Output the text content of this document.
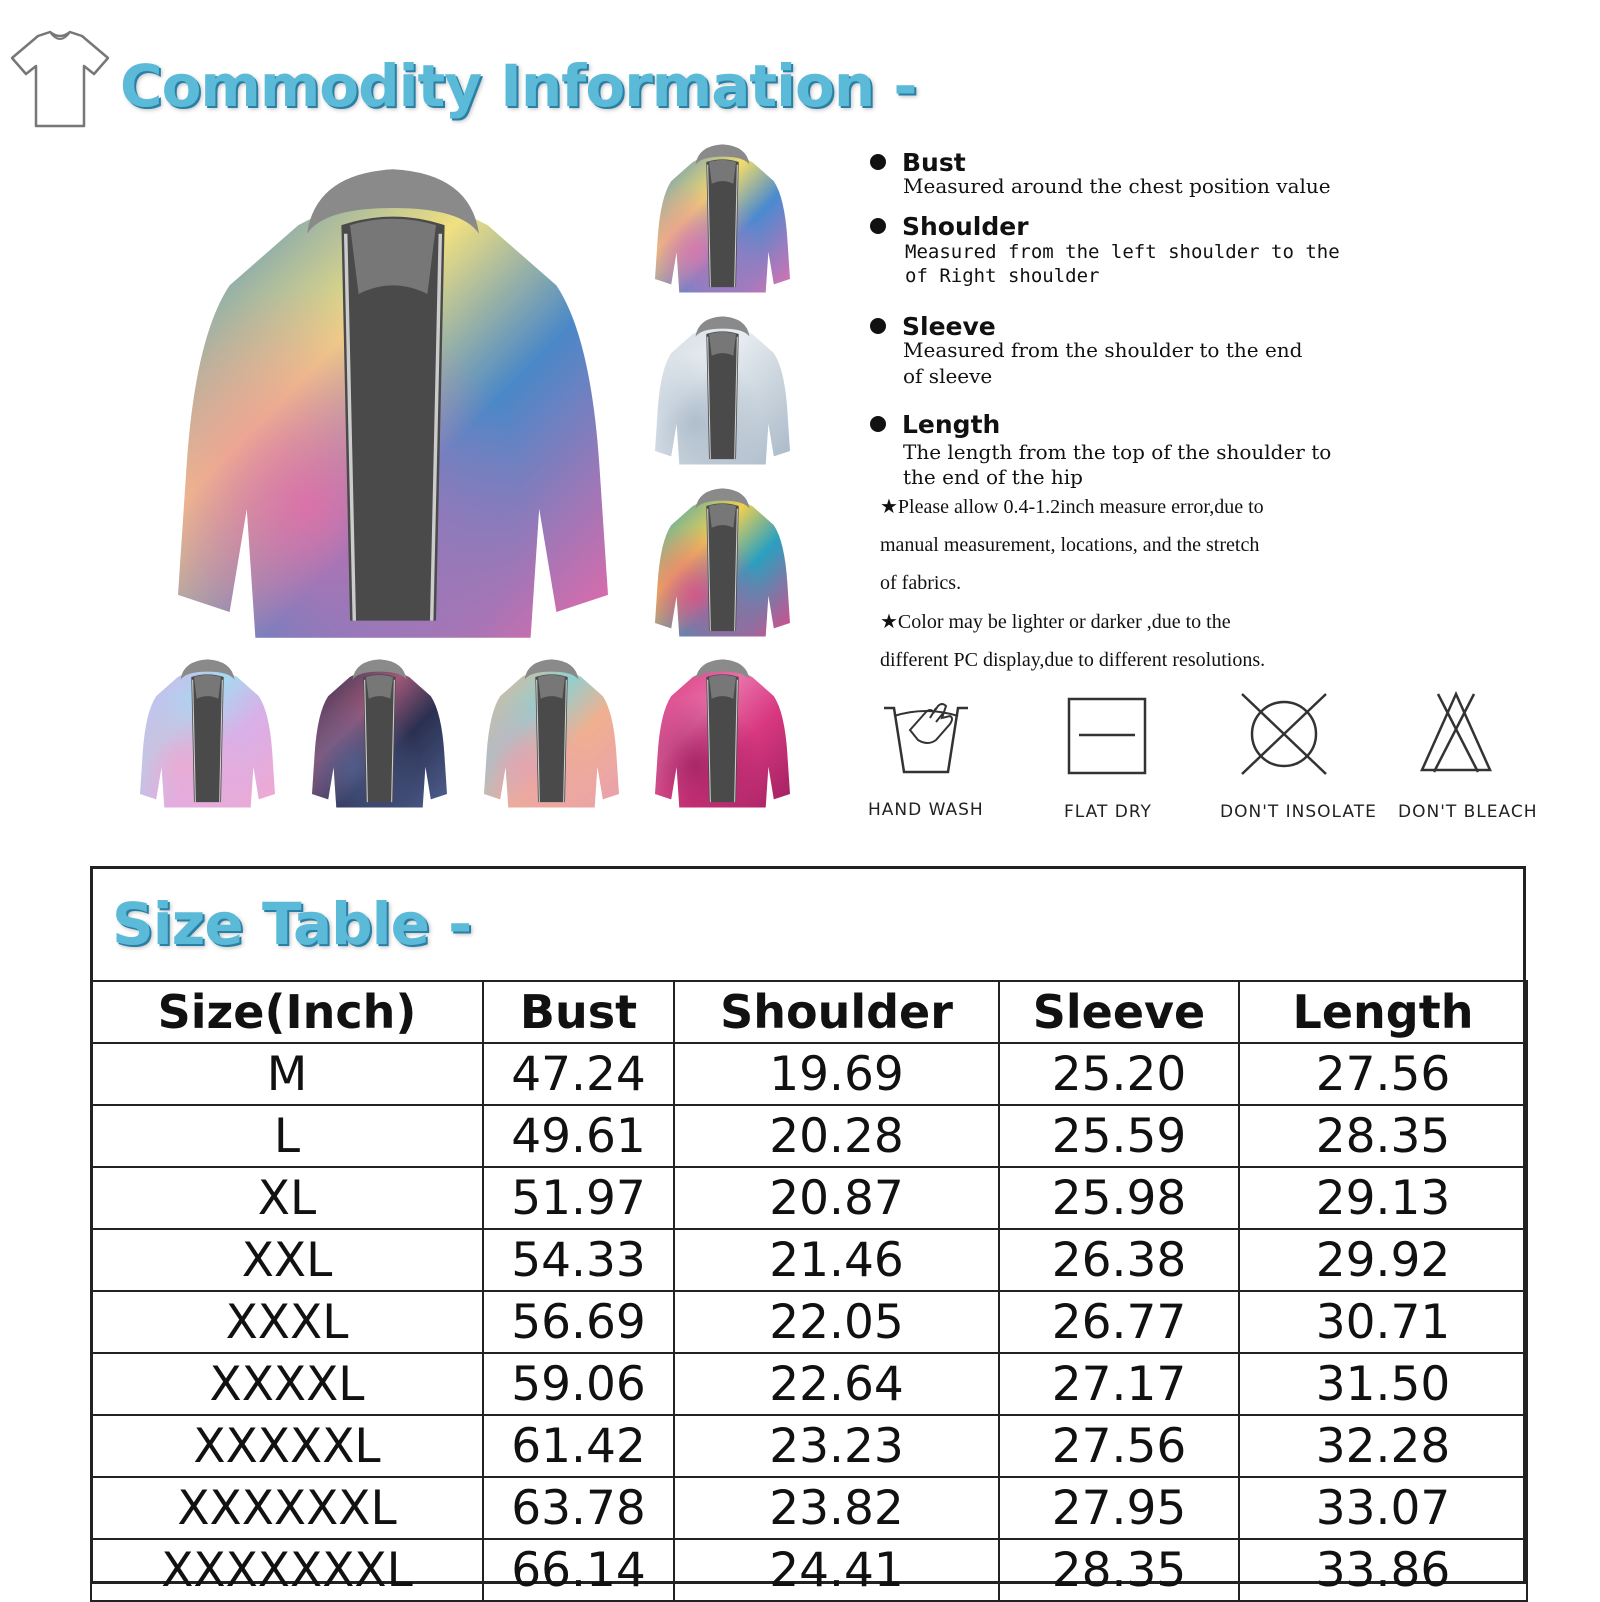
Commodity Information -
Bust
Measured around the chest position value
Shoulder
Measured from the left shoulder to the
of Right shoulder
Sleeve
Measured from the shoulder to the end
of sleeve
Length
The length from the top of the shoulder to
the end of the hip
★Please allow 0.4-1.2inch measure error,due to
manual measurement, locations, and the stretch
of fabrics.
★Color may be lighter or darker ,due to the
different PC display,due to different resolutions.
HAND WASH	FLAT DRY	DON'T INSOLATE DON'T BLEACH
Size Table -
Size(Inch)	Bust	Shoulder	Sleeve	Length
M	47.24	19.69	25.20	27.56
L	49.61	20.28	25.59	28.35
XL	51.97	20.87	25.98	29.13
XXL	54.33	21.46	26.38	29.92
XXXL	56.69	22.05	26.77	30.71
XXXXL	59.06	22.64	27.17	31.50
XXXXXL	61.42	23.23	27.56	32.28
XXXXXXL	63.78	23.82	27.95	33.07
XXXXXXXL	66.14	24.41	28.35	33.86
